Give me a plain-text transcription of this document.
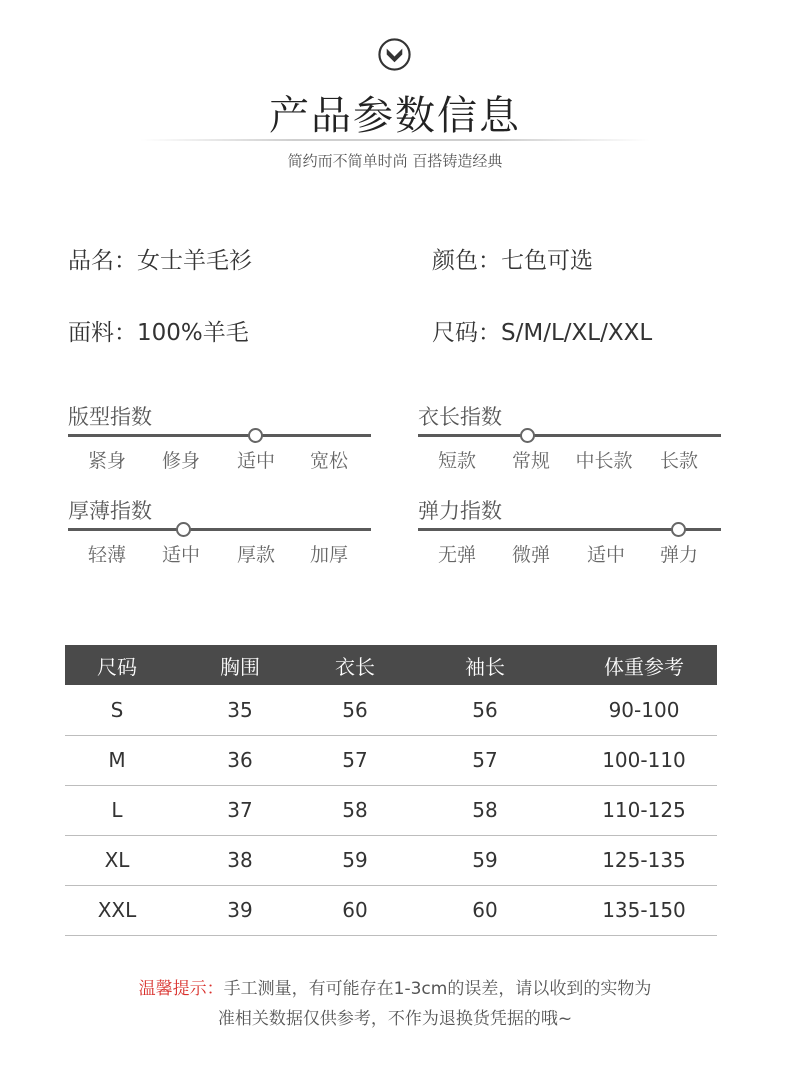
产品参数信息
简约而不简单时尚 百搭铸造经典
品名：女士羊毛衫	颜色：七色可选
面料：100%羊毛	尺码：S/M/L/XL/XXL
版型指数
紧身	修身	适中	宽松
衣长指数
短款	常规	中长款	长款
厚薄指数
轻薄	适中	厚款	加厚
弹力指数
无弹	微弹	适中	弹力
尺码	胸围	衣长	袖长	体重参考
S	35	56	56	90-100
M	36	57	57	100-110
L	37	58	58	110-125
XL	38	59	59	125-135
XXL	39	60	60	135-150
温馨提示：手工测量，有可能存在1-3cm的误差，请以收到的实物为
准相关数据仅供参考，不作为退换货凭据的哦~
